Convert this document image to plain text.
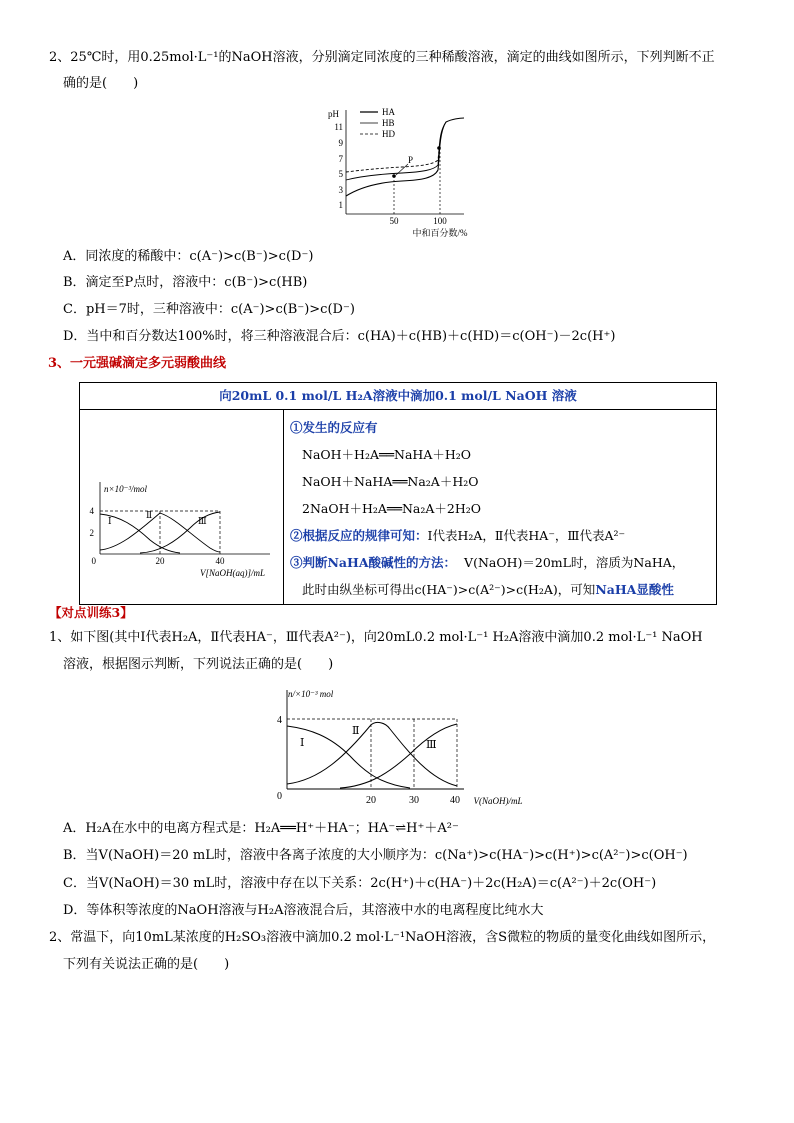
2、25℃时，用0.25mol·L⁻¹的NaOH溶液，分别滴定同浓度的三种稀酸溶液，滴定的曲线如图所示，下列判断不正
确的是(　　)
pH
11
9
7
5
3
1
50	100
中和百分数/%
HA
HB
HD
P
A．同浓度的稀酸中：c(A⁻)>c(B⁻)>c(D⁻)
B．滴定至P点时，溶液中：c(B⁻)>c(HB)
C．pH＝7时，三种溶液中：c(A⁻)>c(B⁻)>c(D⁻)
D．当中和百分数达100%时，将三种溶液混合后：c(HA)＋c(HB)＋c(HD)＝c(OH⁻)－2c(H⁺)
3、一元强碱滴定多元弱酸曲线
向20mL 0.1 mol/L H₂A溶液中滴加0.1 mol/L NaOH 溶液

n×10⁻³/mol
4
2
0	20	40
V[NaOH(aq)]/mL
Ⅰ
Ⅱ
Ⅲ

①发生的反应有
NaOH＋H₂A══NaHA＋H₂O
NaOH＋NaHA══Na₂A＋H₂O
2NaOH＋H₂A══Na₂A＋2H₂O
②根据反应的规律可知：Ⅰ代表H₂A，Ⅱ代表HA⁻，Ⅲ代表A²⁻
③判断NaHA酸碱性的方法： V(NaOH)＝20mL时，溶质为NaHA，
此时由纵坐标可得出c(HA⁻)>c(A²⁻)>c(H₂A)，可知NaHA显酸性
【对点训练3】
1、如下图(其中Ⅰ代表H₂A，Ⅱ代表HA⁻，Ⅲ代表A²⁻)，向20mL0.2 mol·L⁻¹ H₂A溶液中滴加0.2 mol·L⁻¹ NaOH
溶液，根据图示判断，下列说法正确的是(　　)
n/×10⁻³ mol
4
0	20	30	40 V(NaOH)/mL
Ⅰ
Ⅱ
Ⅲ
A．H₂A在水中的电离方程式是：H₂A══H⁺＋HA⁻；HA⁻⇌H⁺＋A²⁻
B．当V(NaOH)＝20 mL时，溶液中各离子浓度的大小顺序为：c(Na⁺)>c(HA⁻)>c(H⁺)>c(A²⁻)>c(OH⁻)
C．当V(NaOH)＝30 mL时，溶液中存在以下关系：2c(H⁺)＋c(HA⁻)＋2c(H₂A)＝c(A²⁻)＋2c(OH⁻)
D．等体积等浓度的NaOH溶液与H₂A溶液混合后，其溶液中水的电离程度比纯水大
2、常温下，向10mL某浓度的H₂SO₃溶液中滴加0.2 mol·L⁻¹NaOH溶液，含S微粒的物质的量变化曲线如图所示，
下列有关说法正确的是(　　)
